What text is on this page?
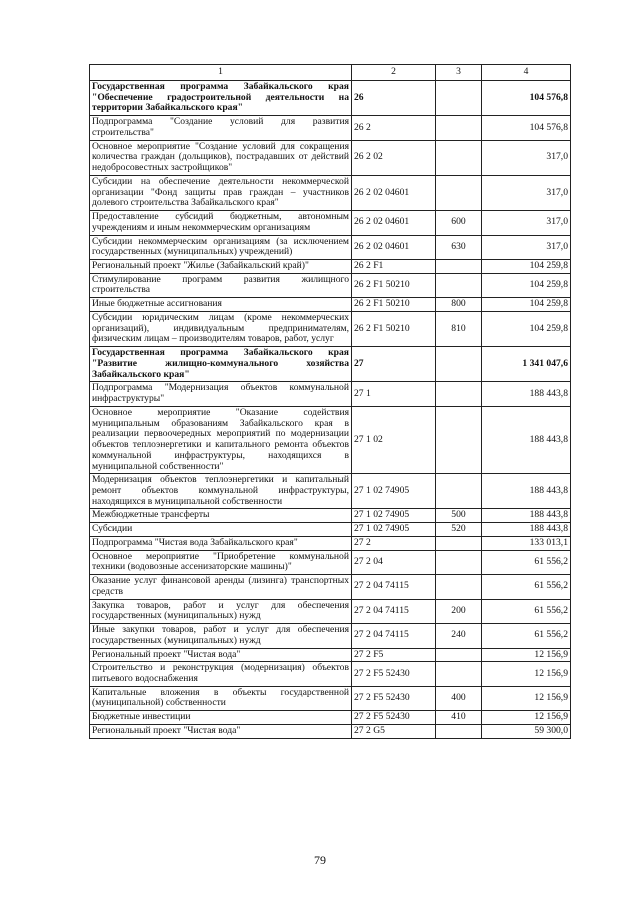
1	2	3	4
Государственная программа Забайкальского края "Обеспечение градостроительной деятельности на территории Забайкальского края"	26		104 576,8
Подпрограмма "Создание условий для развития строительства"	26 2		104 576,8
Основное мероприятие "Создание условий для сокращения количества граждан (дольщиков), пострадавших от действий недобросовестных застройщиков"	26 2 02		317,0
Субсидии на обеспечение деятельности некоммерческой организации "Фонд защиты прав граждан – участников долевого строительства Забайкальского края"	26 2 02 04601		317,0
Предоставление субсидий бюджетным, автономным учреждениям и иным некоммерческим организациям	26 2 02 04601	600	317,0
Субсидии некоммерческим организациям (за исключением государственных (муниципальных) учреждений)	26 2 02 04601	630	317,0
Региональный проект "Жилье (Забайкальский край)"	26 2 F1		104 259,8
Стимулирование программ развития жилищного строительства	26 2 F1 50210		104 259,8
Иные бюджетные ассигнования	26 2 F1 50210	800	104 259,8
Субсидии юридическим лицам (кроме некоммерческих организаций), индивидуальным предпринимателям, физическим лицам – производителям товаров, работ, услуг	26 2 F1 50210	810	104 259,8
Государственная программа Забайкальского края "Развитие жилищно-коммунального хозяйства Забайкальского края"	27		1 341 047,6
Подпрограмма "Модернизация объектов коммунальной инфраструктуры"	27 1		188 443,8
Основное мероприятие "Оказание содействия муниципальным образованиям Забайкальского края в реализации первоочередных мероприятий по модернизации объектов теплоэнергетики и капитального ремонта объектов коммунальной инфраструктуры, находящихся в муниципальной собственности"	27 1 02		188 443,8
Модернизация объектов теплоэнергетики и капитальный ремонт объектов коммунальной инфраструктуры, находящихся в муниципальной собственности	27 1 02 74905		188 443,8
Межбюджетные трансферты	27 1 02 74905	500	188 443,8
Субсидии	27 1 02 74905	520	188 443,8
Подпрограмма "Чистая вода Забайкальского края"	27 2		133 013,1
Основное мероприятие "Приобретение коммунальной техники (водовозные ассенизаторские машины)"	27 2 04		61 556,2
Оказание услуг финансовой аренды (лизинга) транспортных средств	27 2 04 74115		61 556,2
Закупка товаров, работ и услуг для обеспечения государственных (муниципальных) нужд	27 2 04 74115	200	61 556,2
Иные закупки товаров, работ и услуг для обеспечения государственных (муниципальных) нужд	27 2 04 74115	240	61 556,2
Региональный проект "Чистая вода"	27 2 F5		12 156,9
Строительство и реконструкция (модернизация) объектов питьевого водоснабжения	27 2 F5 52430		12 156,9
Капитальные вложения в объекты государственной (муниципальной) собственности	27 2 F5 52430	400	12 156,9
Бюджетные инвестиции	27 2 F5 52430	410	12 156,9
Региональный проект "Чистая вода"	27 2 G5		59 300,0
79
